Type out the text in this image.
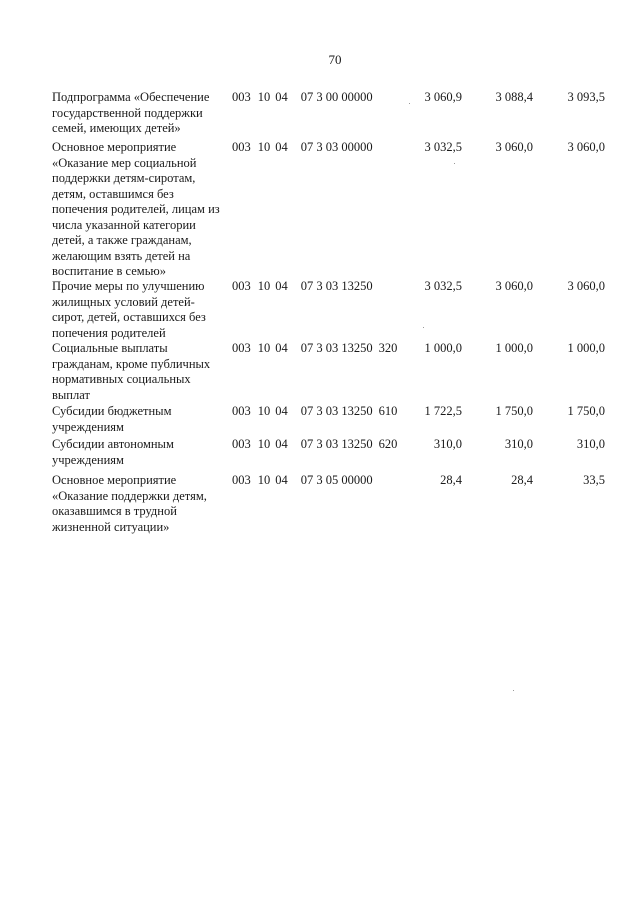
70
Подпрограмма «Обеспечение
государственной поддержки
семей, имеющих детей»
003 10 04 07 3 00 00000	3 060,9	3 088,4	3 093,5
Основное мероприятие
«Оказание мер социальной
поддержки детям-сиротам,
детям, оставшимся без
попечения родителей, лицам из
числа указанной категории
детей, а также гражданам,
желающим взять детей на
воспитание в семью»
003 10 04 07 3 03 00000	3 032,5	3 060,0	3 060,0
Прочие меры по улучшению
жилищных условий детей-
сирот, детей, оставшихся без
попечения родителей
003 10 04 07 3 03 13250	3 032,5	3 060,0	3 060,0
Социальные выплаты
гражданам, кроме публичных
нормативных социальных
выплат
003 10 04 07 3 03 13250 320	1 000,0	1 000,0	1 000,0
Субсидии бюджетным
учреждениям
003 10 04 07 3 03 13250 610	1 722,5	1 750,0	1 750,0
Субсидии автономным
учреждениям
003 10 04 07 3 03 13250 620	310,0	310,0	310,0
Основное мероприятие
«Оказание поддержки детям,
оказавшимся в трудной
жизненной ситуации»
003 10 04 07 3 05 00000	28,4	28,4	33,5
